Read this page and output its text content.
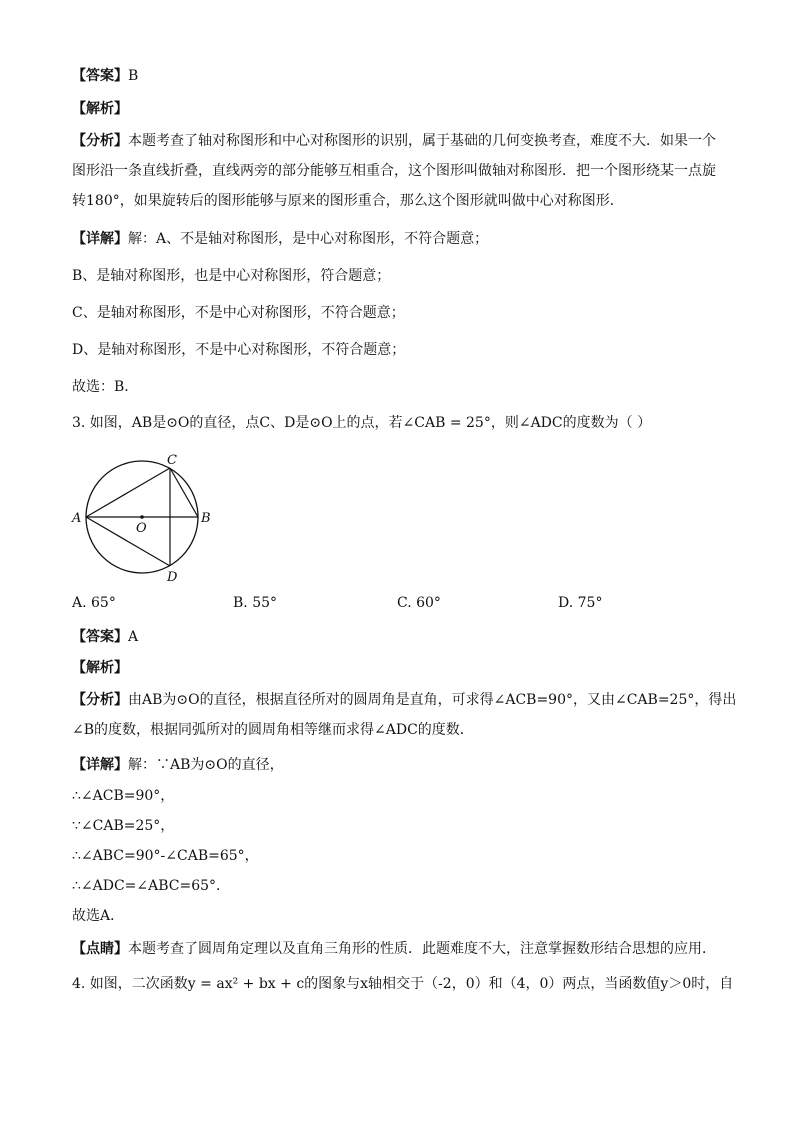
【答案】B
【解析】
【分析】本题考查了轴对称图形和中心对称图形的识别，属于基础的几何变换考查，难度不大．如果一个
图形沿一条直线折叠，直线两旁的部分能够互相重合，这个图形叫做轴对称图形．把一个图形绕某一点旋
转180°，如果旋转后的图形能够与原来的图形重合，那么这个图形就叫做中心对称图形．
【详解】解：A、不是轴对称图形，是中心对称图形，不符合题意；
B、是轴对称图形，也是中心对称图形，符合题意；
C、是轴对称图形，不是中心对称图形，不符合题意；
D、是轴对称图形，不是中心对称图形，不符合题意；
故选：B．
3. 如图，AB是⊙O的直径，点C、D是⊙O上的点，若∠CAB = 25°，则∠ADC的度数为（ ）
A	B
C
D
O
A. 65°	B. 55°	C. 60°	D. 75°
【答案】A
【解析】
【分析】由AB为⊙O的直径，根据直径所对的圆周角是直角，可求得∠ACB=90°，又由∠CAB=25°，得出
∠B的度数，根据同弧所对的圆周角相等继而求得∠ADC的度数．
【详解】解：∵AB为⊙O的直径，
∴∠ACB=90°，
∵∠CAB=25°，
∴∠ABC=90°-∠CAB=65°，
∴∠ADC=∠ABC=65°．
故选A．
【点睛】本题考查了圆周角定理以及直角三角形的性质．此题难度不大，注意掌握数形结合思想的应用．
4. 如图，二次函数y = ax² + bx + c的图象与x轴相交于（-2，0）和（4，0）两点，当函数值y＞0时，自
